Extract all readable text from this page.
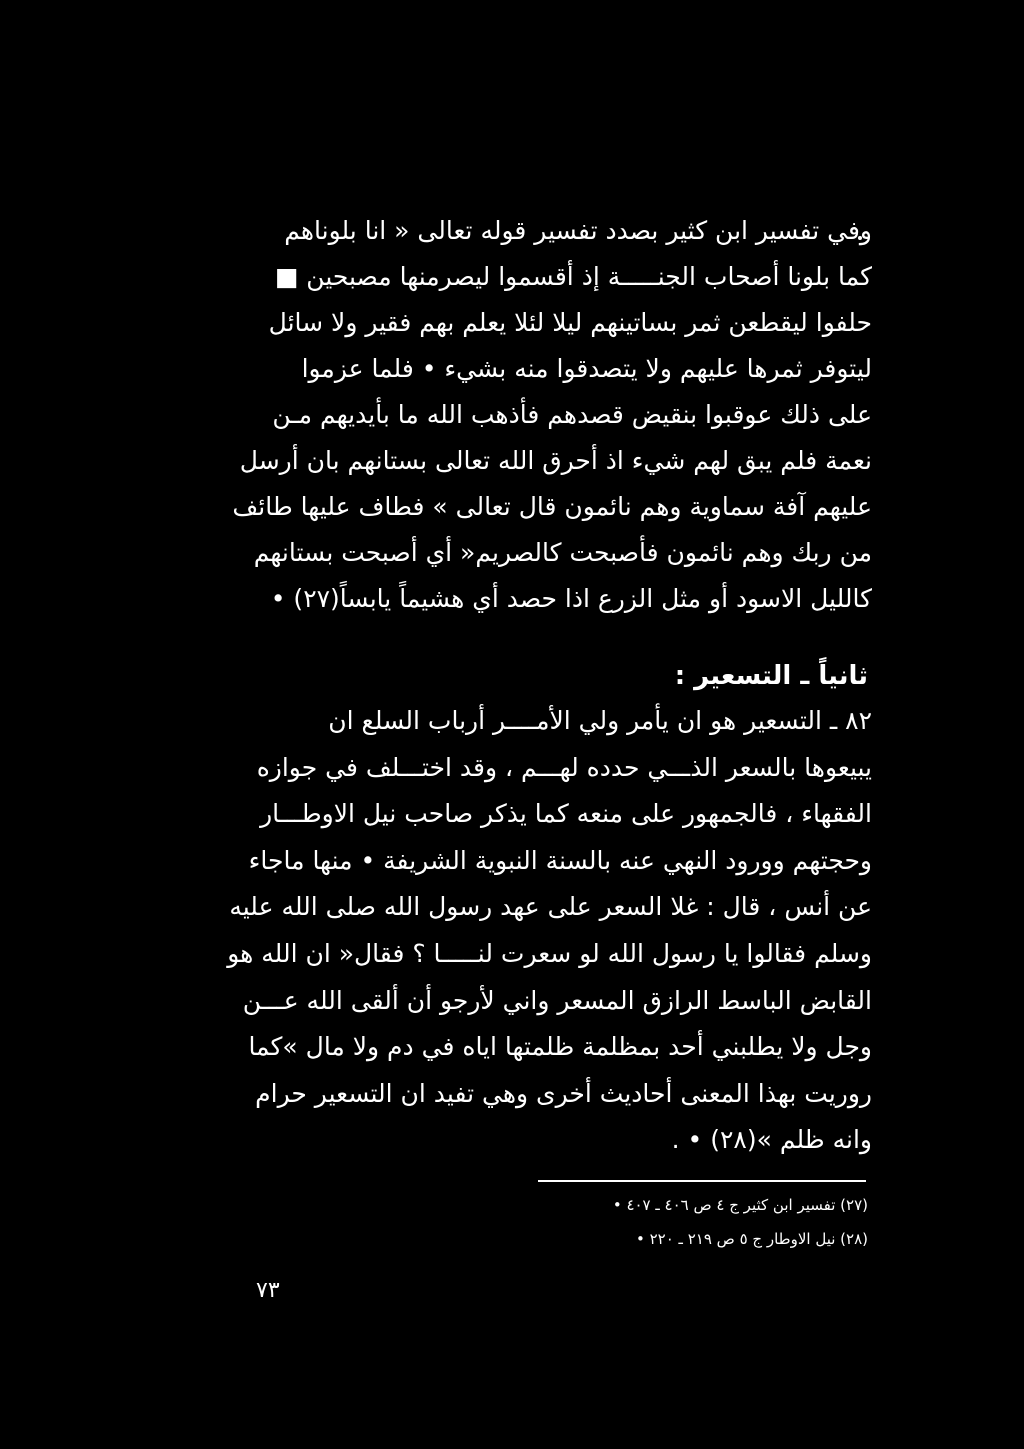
وفي تفسير ابن كثير بصدد تفسير قوله تعالى « انا بلوناهم
كما بلونا أصحاب الجنـــــة إذ أقسموا ليصرمنها مصبحين ■
حلفوا ليقطعن ثمر بساتينهم ليلا لئلا يعلم بهم فقير ولا سائل
ليتوفر ثمرها عليهم ولا يتصدقوا منه بشيء • فلما عزموا
على ذلك عوقبوا بنقيض قصدهم فأذهب الله ما بأيديهم مـن
نعمة فلم يبق لهم شيء اذ أحرق الله تعالى بستانهم بان أرسل
عليهم آفة سماوية وهم نائمون قال تعالى » فطاف عليها طائف
من ربك وهم نائمون فأصبحت كالصريم« أي أصبحت بستانهم
كالليل الاسود أو مثل الزرع اذا حصد أي هشيماً يابساً(٢٧) •
ثانياً ـ التسعير :
٨٢ ـ التسعير هو ان يأمر ولي الأمــــر أرباب السلع ان
يبيعوها بالسعر الذـــي حدده لهـــم ، وقد اختـــلف في جوازه
الفقهاء ، فالجمهور على منعه كما يذكر صاحب نيل الاوطـــار
وحجتهم وورود النهي عنه بالسنة النبوية الشريفة • منها ماجاء
عن أنس ، قال : غلا السعر على عهد رسول الله صلى الله عليه
وسلم فقالوا يا رسول الله لو سعرت لنـــــا ؟ فقال« ان الله هو
القابض الباسط الرازق المسعر واني لأرجو أن ألقى الله عـــن
وجل ولا يطلبني أحد بمظلمة ظلمتها اياه في دم ولا مال »كما
روريت بهذا المعنى أحاديث أخرى وهي تفيد ان التسعير حرام
وانه ظلم »(٢٨) • .
(٢٧) تفسير ابن كثير ج ٤ ص ٤٠٦ ـ ٤٠٧ •
(٢٨) نيل الاوطار ج ٥ ص ٢١٩ ـ ٢٢٠ •
٧٣
